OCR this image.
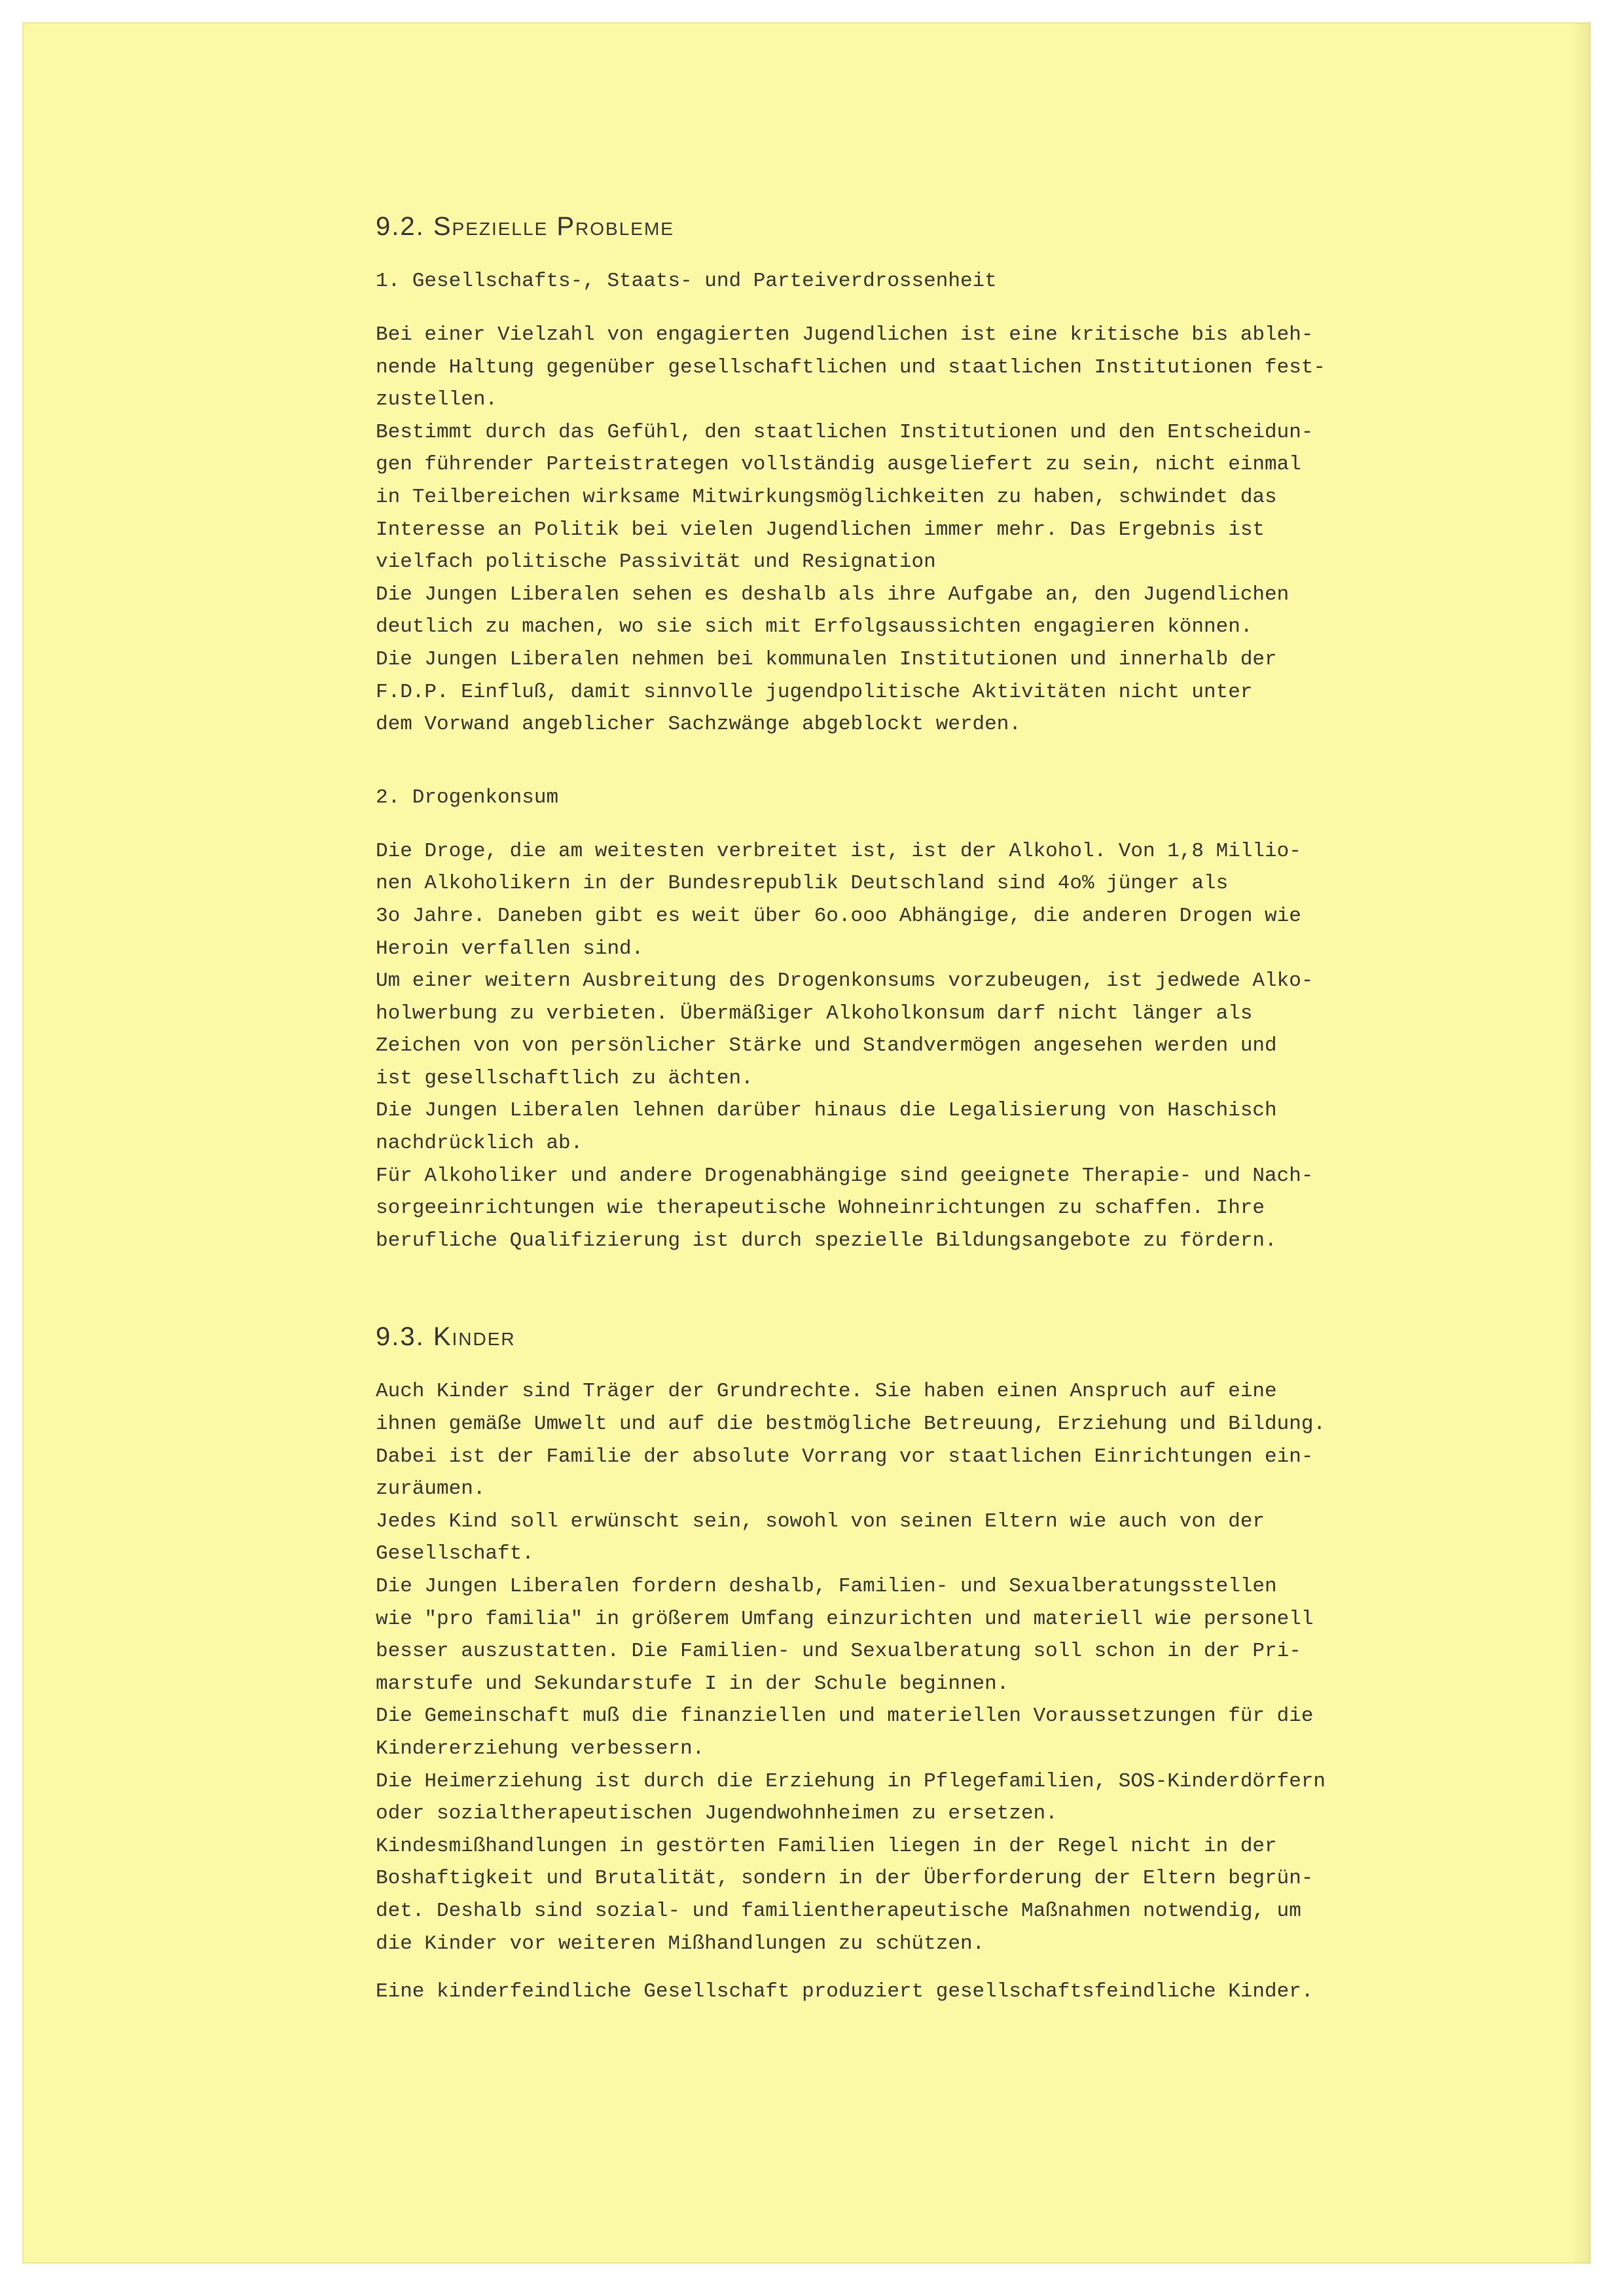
9.2. Spezielle Probleme
1. Gesellschafts-, Staats- und Parteiverdrossenheit
Bei einer Vielzahl von engagierten Jugendlichen ist eine kritische bis ableh-
nende Haltung gegenüber gesellschaftlichen und staatlichen Institutionen fest-
zustellen.
Bestimmt durch das Gefühl, den staatlichen Institutionen und den Entscheidun-
gen führender Parteistrategen vollständig ausgeliefert zu sein, nicht einmal
in Teilbereichen wirksame Mitwirkungsmöglichkeiten zu haben, schwindet das
Interesse an Politik bei vielen Jugendlichen immer mehr. Das Ergebnis ist
vielfach politische Passivität und Resignation
Die Jungen Liberalen sehen es deshalb als ihre Aufgabe an, den Jugendlichen
deutlich zu machen, wo sie sich mit Erfolgsaussichten engagieren können.
Die Jungen Liberalen nehmen bei kommunalen Institutionen und innerhalb der
F.D.P. Einfluß, damit sinnvolle jugendpolitische Aktivitäten nicht unter
dem Vorwand angeblicher Sachzwänge abgeblockt werden.
2. Drogenkonsum
Die Droge, die am weitesten verbreitet ist, ist der Alkohol. Von 1,8 Millio-
nen Alkoholikern in der Bundesrepublik Deutschland sind 4o% jünger als
3o Jahre. Daneben gibt es weit über 6o.ooo Abhängige, die anderen Drogen wie
Heroin verfallen sind.
Um einer weitern Ausbreitung des Drogenkonsums vorzubeugen, ist jedwede Alko-
holwerbung zu verbieten. Übermäßiger Alkoholkonsum darf nicht länger als
Zeichen von von persönlicher Stärke und Standvermögen angesehen werden und
ist gesellschaftlich zu ächten.
Die Jungen Liberalen lehnen darüber hinaus die Legalisierung von Haschisch
nachdrücklich ab.
Für Alkoholiker und andere Drogenabhängige sind geeignete Therapie- und Nach-
sorgeeinrichtungen wie therapeutische Wohneinrichtungen zu schaffen. Ihre
berufliche Qualifizierung ist durch spezielle Bildungsangebote zu fördern.
9.3. Kinder
Auch Kinder sind Träger der Grundrechte. Sie haben einen Anspruch auf eine
ihnen gemäße Umwelt und auf die bestmögliche Betreuung, Erziehung und Bildung.
Dabei ist der Familie der absolute Vorrang vor staatlichen Einrichtungen ein-
zuräumen.
Jedes Kind soll erwünscht sein, sowohl von seinen Eltern wie auch von der
Gesellschaft.
Die Jungen Liberalen fordern deshalb, Familien- und Sexualberatungsstellen
wie "pro familia" in größerem Umfang einzurichten und materiell wie personell
besser auszustatten. Die Familien- und Sexualberatung soll schon in der Pri-
marstufe und Sekundarstufe I in der Schule beginnen.
Die Gemeinschaft muß die finanziellen und materiellen Voraussetzungen für die
Kindererziehung verbessern.
Die Heimerziehung ist durch die Erziehung in Pflegefamilien, SOS-Kinderdörfern
oder sozialtherapeutischen Jugendwohnheimen zu ersetzen.
Kindesmißhandlungen in gestörten Familien liegen in der Regel nicht in der
Boshaftigkeit und Brutalität, sondern in der Überforderung der Eltern begrün-
det. Deshalb sind sozial- und familientherapeutische Maßnahmen notwendig, um
die Kinder vor weiteren Mißhandlungen zu schützen.
Eine kinderfeindliche Gesellschaft produziert gesellschaftsfeindliche Kinder.
